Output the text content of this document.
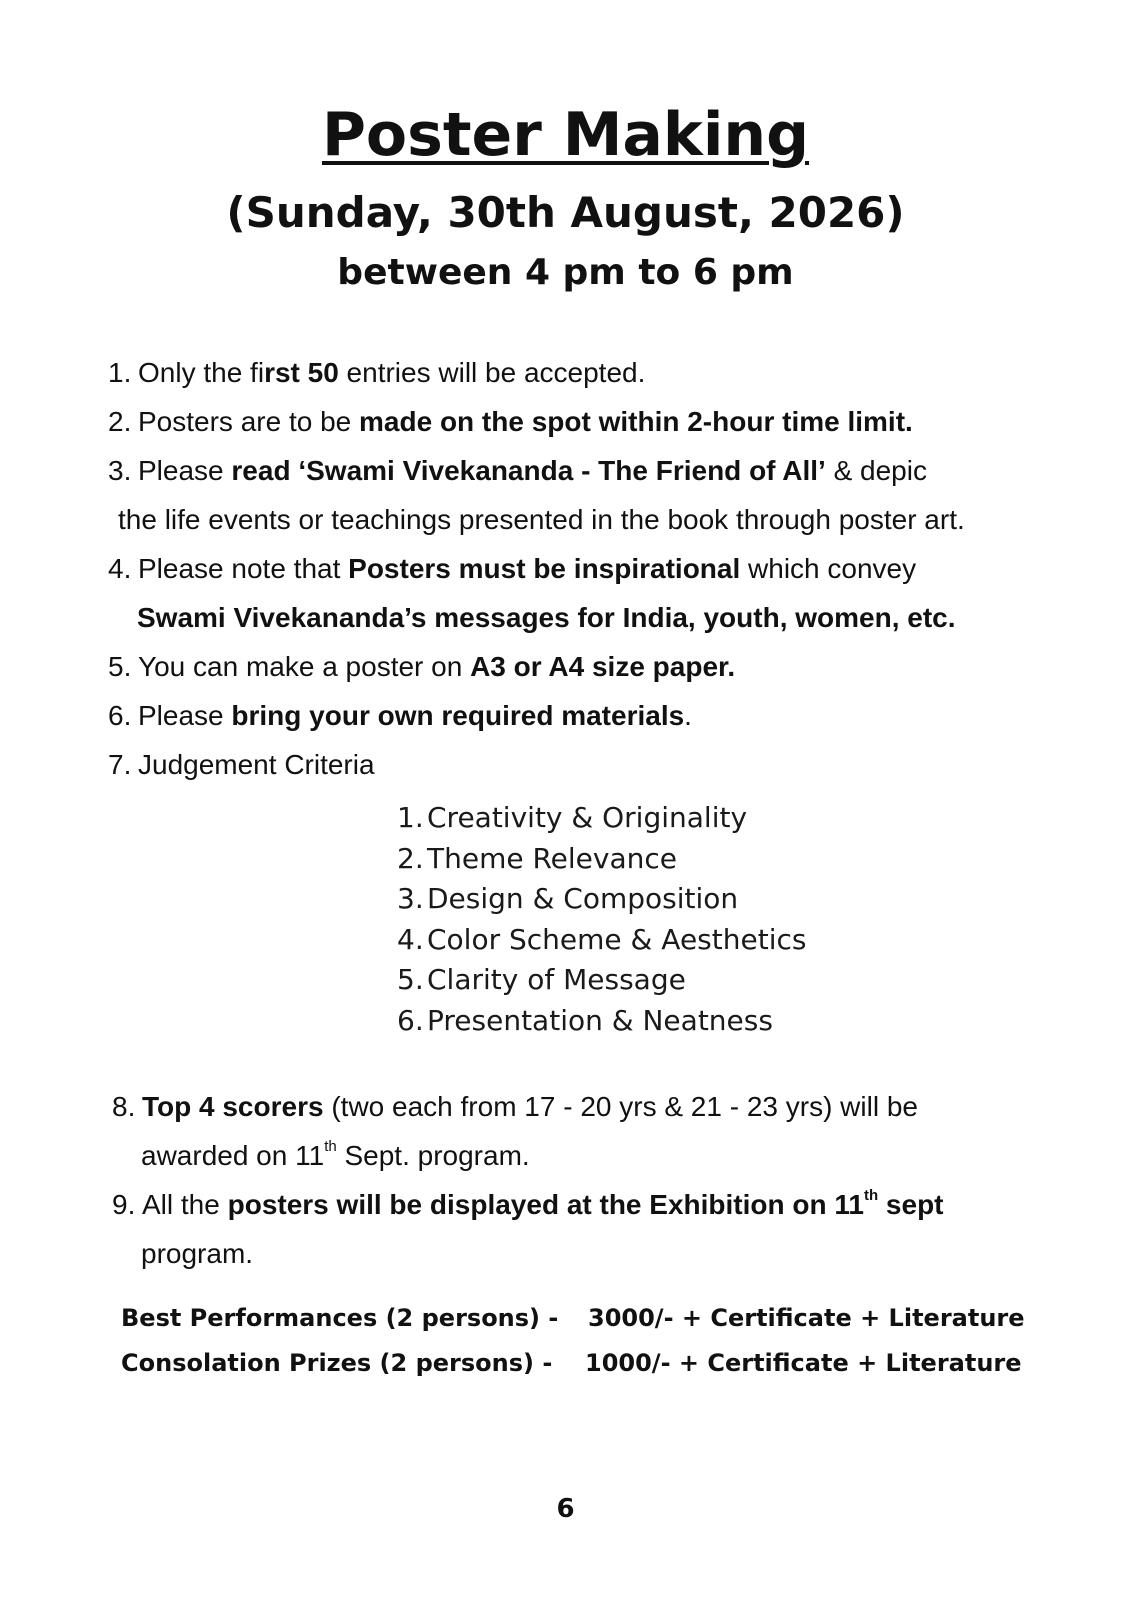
Poster Making
(Sunday, 30th August, 2026)
between 4 pm to 6 pm
1. Only the first 50 entries will be accepted.
2. Posters are to be made on the spot within 2-hour time limit.
3. Please read ‘Swami Vivekananda - The Friend of All’ & depic
the life events or teachings presented in the book through poster art.
4. Please note that Posters must be inspirational which convey
Swami Vivekananda’s messages for India, youth, women, etc.
5. You can make a poster on A3 or A4 size paper.
6. Please bring your own required materials.
7. Judgement Criteria
1. Creativity & Originality
2. Theme Relevance
3. Design & Composition
4. Color Scheme & Aesthetics
5. Clarity of Message
6. Presentation & Neatness
8. Top 4 scorers (two each from 17 - 20 yrs & 21 - 23 yrs) will be
awarded on 11th Sept. program.
9. All the posters will be displayed at the Exhibition on 11th sept
program.
Best Performances (2 persons) - 3000/- + Certificate + Literature
Consolation Prizes (2 persons) - 1000/- + Certificate + Literature
6
